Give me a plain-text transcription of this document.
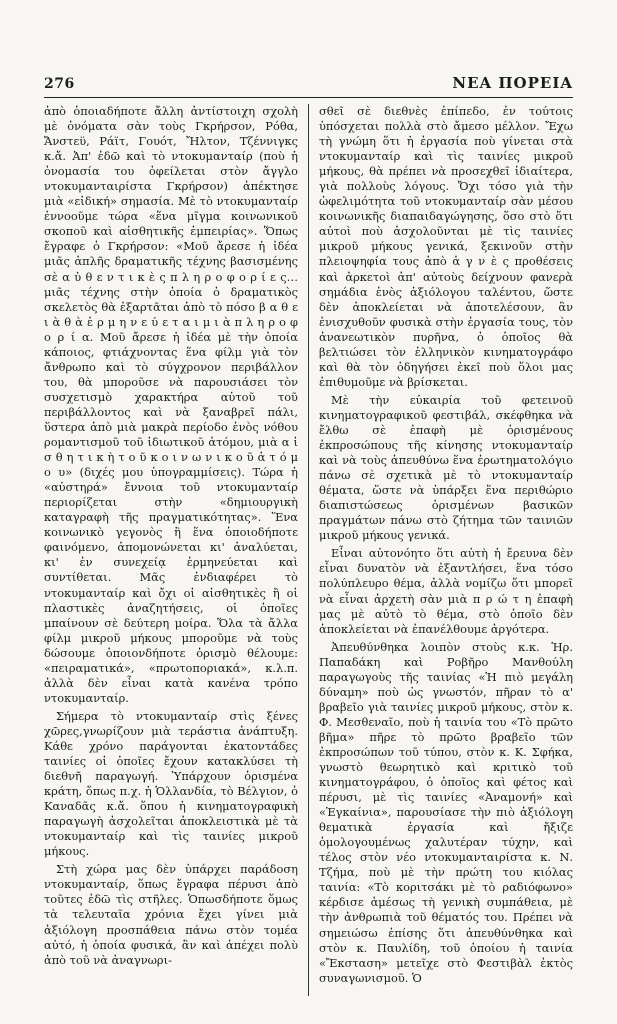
276	ΝΕΑ ΠΟΡΕΙΑ

ἀπὸ ὁποιαδήποτε ἄλλη ἀντίστοιχη σχολὴ μὲ ὀνόματα σὰν τοὺς Γκρήρσον, Ρόθα, Ἄνστεϋ, Ράϊτ, Γουότ, Ἤλτον, Τζέννιγκς κ.ἄ. Ἀπ' ἐδῶ καὶ τὸ ντοκυμανταίρ (ποὺ ἡ ὀνομασία του ὀφείλεται στὸν ἄγγλο ντοκυμανταιρίστα Γκρήρσον) ἀπέκτησε μιὰ «εἰδική» σημασία. Μὲ τὸ ντοκυμανταίρ ἐννοοῦμε τώρα «ἕνα μῖγμα κοινωνικοῦ σκοποῦ καὶ αἰσθητικῆς ἐμπειρίας». Ὅπως ἔγραφε ὁ Γκρήρσον: «Μοῦ ἄρεσε ἡ ἰδέα μιᾶς ἀπλῆς δραματικῆς τέχνης βασισμένης σὲ α ὐ θ ε ν τ ι κ ὲ ς π λ η ρ ο φ ο ρ ί ε ς… μιᾶς τέχνης στὴν ὁποία ὁ δραματικὸς σκελετὸς θὰ ἐξαρτᾶται ἀπὸ τὸ πόσο β α θ ε ι ὰ θ ὰ ἑ ρ μ η ν ε ύ ε τ α ι μ ι ὰ π λ η ρ ο φ ο ρ ί α. Μοῦ ἄρεσε ἡ ἰδέα μὲ τὴν ὁποία κάποιος, φτιάχνοντας ἕνα φίλμ γιὰ τὸν ἄνθρωπο καὶ τὸ σύγχρονον περιβάλλον του, θὰ μποροῦσε νὰ παρουσιάσει τὸν συσχετισμὸ χαρακτήρα αὐτοῦ τοῦ περιβάλλοντος καὶ νὰ ξαναβρεῖ πάλι, ὕστερα ἀπὸ μιὰ μακρὰ περίοδο ἑνὸς νόθου ρομαντισμοῦ τοῦ ἰδιωτικοῦ ἀτόμου, μιὰ α ἰ σ θ η τ ι κ ὴ τ ο ῦ κ ο ι ν ω ν ι κ ο ῦ ἀ τ ό μ ο υ» (διχές μου ὑπογραμμίσεις). Τώρα ἡ «αὐστηρά» ἔννοια τοῦ ντοκυμανταίρ περιορίζεται στὴν «δημιουργικὴ καταγραφὴ τῆς πραγματικότητας». Ἕνα κοινωνικὸ γεγονὸς ἢ ἕνα ὁποιοδήποτε φαινόμενο, ἀπομονώνεται κι' ἀναλύεται, κι' ἐν συνεχείᾳ ἑρμηνεύεται καὶ συντίθεται. Μᾶς ἐνδιαφέρει τὸ ντοκυμανταίρ καὶ ὄχι οἱ αἰσθητικὲς ἢ οἱ πλαστικὲς ἀναζητήσεις, οἱ ὁποῖες μπαίνουν σὲ δεύτερη μοίρα. Ὅλα τὰ ἄλλα φίλμ μικροῦ μήκους μποροῦμε νὰ τοὺς δώσουμε ὁποιονδήποτε ὁρισμὸ θέλουμε: «πειραματικά», «πρωτοποριακά», κ.λ.π. ἀλλὰ δὲν εἶναι κατὰ κανένα τρόπο ντοκυμανταίρ.

Σήμερα τὸ ντοκυμανταίρ στὶς ξένες χῶρες,γνωρίζουν μιὰ τεράστια ἀνάπτυξη. Κάθε χρόνο παράγονται ἑκατοντάδες ταινίες οἱ ὁποῖες ἔχουν κατακλύσει τὴ διεθνῆ παραγωγή. Ὑπάρχουν ὁρισμένα κράτη, ὅπως π.χ. ἡ Ὁλλανδία, τὸ Βέλγιον, ὁ Καναδᾶς κ.ἄ. ὅπου ἡ κινηματογραφικὴ παραγωγὴ ἀσχολεῖται ἀποκλειστικὰ μὲ τὰ ντοκυμανταίρ καὶ τὶς ταινίες μικροῦ μήκους.

Στὴ χώρα μας δὲν ὑπάρχει παράδοση ντοκυμανταίρ, ὅπως ἔγραφα πέρυσι ἀπὸ τοῦτες ἐδῶ τὶς στῆλες. Ὁπωσδήποτε ὅμως τὰ τελευταῖα χρόνια ἔχει γίνει μιὰ ἀξιόλογη προσπάθεια πάνω στὸν τομέα αὐτό, ἡ ὁποία φυσικά, ἂν καὶ ἀπέχει πολὺ ἀπὸ τοῦ νὰ ἀναγνωρι-

σθεῖ σὲ διεθνὲς ἐπίπεδο, ἐν τούτοις ὑπόσχεται πολλὰ στὸ ἄμεσο μέλλον. Ἔχω τὴ γνώμη ὅτι ἡ ἐργασία ποὺ γίνεται στὰ ντοκυμανταίρ καὶ τὶς ταινίες μικροῦ μήκους, θὰ πρέπει νὰ προσεχθεῖ ἰδιαίτερα, γιὰ πολλοὺς λόγους. Ὄχι τόσο γιὰ τὴν ὠφελιμότητα τοῦ ντοκυμανταίρ σὰν μέσου κοινωνικῆς διαπαιδαγώγησης, ὅσο στὸ ὅτι αὐτοὶ ποὺ ἀσχολοῦνται μὲ τὶς ταινίες μικροῦ μήκους γενικά, ξεκινοῦν στὴν πλειοψηφία τους ἀπὸ ἁ γ ν ὲ ς προθέσεις καὶ ἀρκετοὶ ἀπ' αὐτοὺς δείχνουν φανερὰ σημάδια ἑνὸς ἀξιόλογου ταλέντου, ὥστε δὲν ἀποκλείεται νὰ ἀποτελέσουν, ἂν ἐνισχυθοῦν φυσικὰ στὴν ἐργασία τους, τὸν ἀνανεωτικὸν πυρῆνα, ὁ ὁποῖος θὰ βελτιώσει τὸν ἑλληνικὸν κινηματογράφο καὶ θὰ τὸν ὁδηγήσει ἐκεῖ ποὺ ὅλοι μας ἐπιθυμοῦμε νὰ βρίσκεται.

Μὲ τὴν εὐκαιρία τοῦ φετεινοῦ κινηματογραφικοῦ φεστιβάλ, σκέφθηκα νὰ ἔλθω σὲ ἐπαφὴ μὲ ὁρισμένους ἐκπροσώπους τῆς κίνησης ντοκυμανταίρ καὶ νὰ τοὺς ἀπευθύνω ἕνα ἐρωτηματολόγιο πάνω σὲ σχετικὰ μὲ τὸ ντοκυμανταίρ θέματα, ὥστε νὰ ὑπάρξει ἕνα περιθώριο διαπιστώσεως ὁρισμένων βασικῶν πραγμάτων πάνω στὸ ζήτημα τῶν ταινιῶν μικροῦ μήκους γενικά.

Εἶναι αὐτονόητο ὅτι αὐτὴ ἡ ἔρευνα δὲν εἶναι δυνατὸν νὰ ἐξαντλήσει, ἕνα τόσο πολύπλευρο θέμα, ἀλλὰ νομίζω ὅτι μπορεῖ νὰ εἶναι ἀρχετὴ σὰν μιὰ π ρ ώ τ η ἐπαφὴ μας μὲ αὐτὸ τὸ θέμα, στὸ ὁποῖο δὲν ἀποκλείεται νὰ ἐπανέλθουμε ἀργότερα.

Ἀπευθύνθηκα λοιπὸν στοὺς κ.κ. Ἡρ. Παπαδάκη καὶ Ροβῆρο Μανθούλη παραγωγοὺς τῆς ταινίας «Ἡ πιὸ μεγάλη δύναμη» ποὺ ὡς γνωστόν, πῆραν τὸ α' βραβεῖο γιὰ ταινίες μικροῦ μήκους, στὸν κ. Φ. Μεσθεναῖο, ποὺ ἡ ταινία του «Τὸ πρῶτο βῆμα» πῆρε τὸ πρῶτο βραβεῖο τῶν ἐκπροσώπων τοῦ τύπου, στὸν κ. Κ. Σφήκα, γνωστὸ θεωρητικὸ καὶ κριτικὸ τοῦ κινηματογράφου, ὁ ὁποῖος καὶ φέτος καὶ πέρυσι, μὲ τὶς ταινίες «Ἀναμονή» καὶ «Ἐγκαίνια», παρουσίασε τὴν πιὸ ἀξιόλογη θεματικὰ ἐργασία καὶ ἤξιζε ὁμολογουμένως χαλυτέραν τύχην, καὶ τέλος στὸν νέο ντοκυμανταιρίστα κ. Ν. Τζήμα, ποὺ μὲ τὴν πρώτη του κιόλας ταινία: «Τὸ κοριτσάκι μὲ τὸ ραδιόφωνο» κέρδισε ἀμέσως τὴ γενικὴ συμπάθεια, μὲ τὴν ἀνθρωπιὰ τοῦ θέματός του. Πρέπει νὰ σημειώσω ἐπίσης ὅτι ἀπευθύνθηκα καὶ στὸν κ. Παυλίδη, τοῦ ὁποίου ἡ ταινία «Ἔκσταση» μετεῖχε στὸ Φεστιβὰλ ἐκτὸς συναγωνισμοῦ. Ὁ
